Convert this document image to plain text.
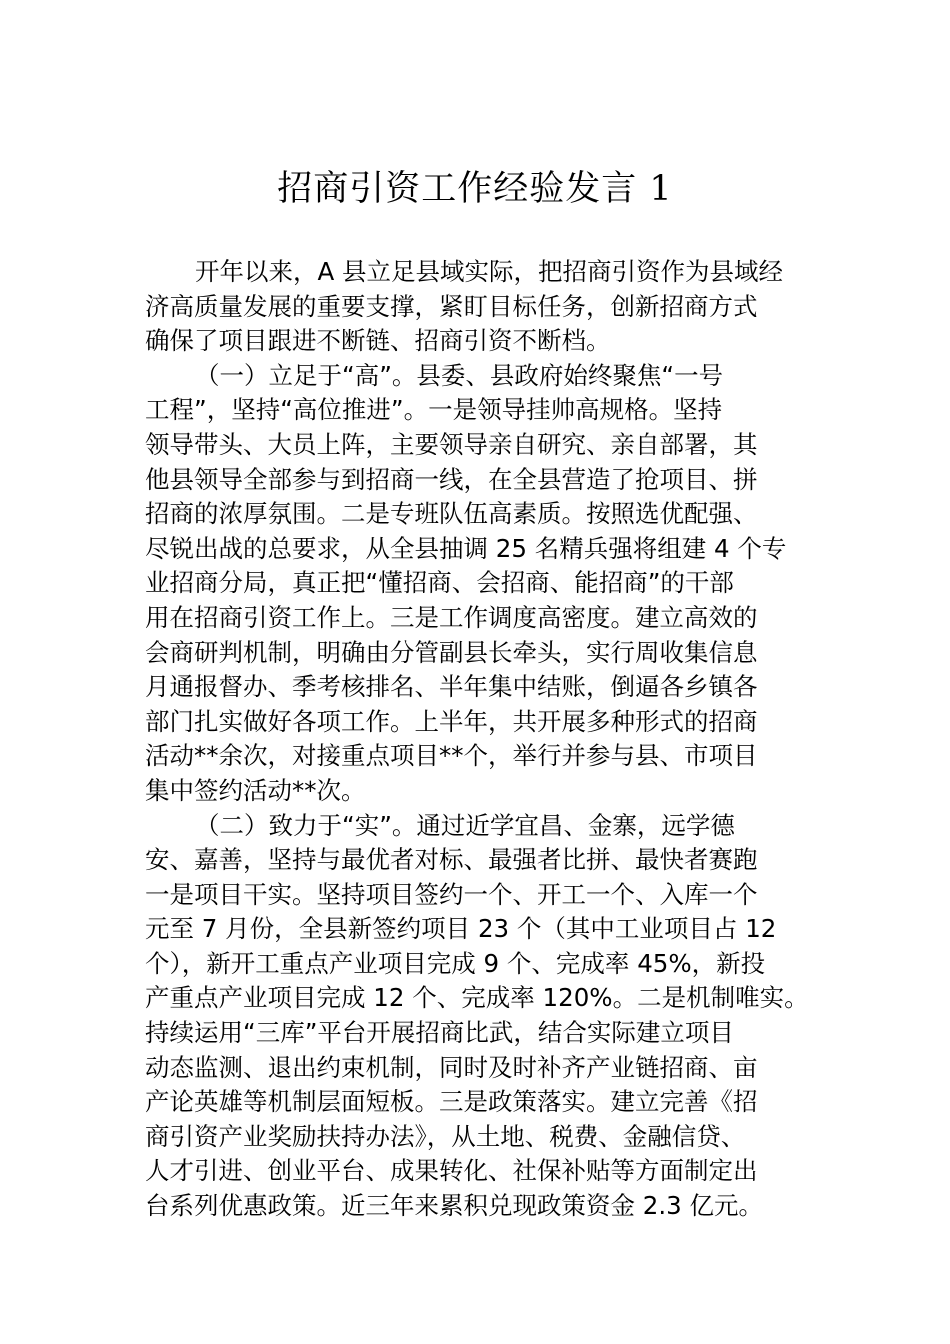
招商引资工作经验发言 1
开年以来，A 县立足县域实际，把招商引资作为县域经
济高质量发展的重要支撑，紧盯目标任务，创新招商方式
确保了项目跟进不断链、招商引资不断档。
（一）立足于“高”。县委、县政府始终聚焦“一号
工程”，坚持“高位推进”。一是领导挂帅高规格。坚持
领导带头、大员上阵，主要领导亲自研究、亲自部署，其
他县领导全部参与到招商一线，在全县营造了抢项目、拼
招商的浓厚氛围。二是专班队伍高素质。按照选优配强、
尽锐出战的总要求，从全县抽调 25 名精兵强将组建 4 个专
业招商分局，真正把“懂招商、会招商、能招商”的干部
用在招商引资工作上。三是工作调度高密度。建立高效的
会商研判机制，明确由分管副县长牵头，实行周收集信息
月通报督办、季考核排名、半年集中结账，倒逼各乡镇各
部门扎实做好各项工作。上半年，共开展多种形式的招商
活动**余次，对接重点项目**个，举行并参与县、市项目
集中签约活动**次。
（二）致力于“实”。通过近学宜昌、金寨，远学德
安、嘉善，坚持与最优者对标、最强者比拼、最快者赛跑
一是项目干实。坚持项目签约一个、开工一个、入库一个
元至 7 月份，全县新签约项目 23 个（其中工业项目占 12
个），新开工重点产业项目完成 9 个、完成率 45%，新投
产重点产业项目完成 12 个、完成率 120%。二是机制唯实。
持续运用“三库”平台开展招商比武，结合实际建立项目
动态监测、退出约束机制，同时及时补齐产业链招商、亩
产论英雄等机制层面短板。三是政策落实。建立完善《招
商引资产业奖励扶持办法》，从土地、税费、金融信贷、
人才引进、创业平台、成果转化、社保补贴等方面制定出
台系列优惠政策。近三年来累积兑现政策资金 2.3 亿元。
